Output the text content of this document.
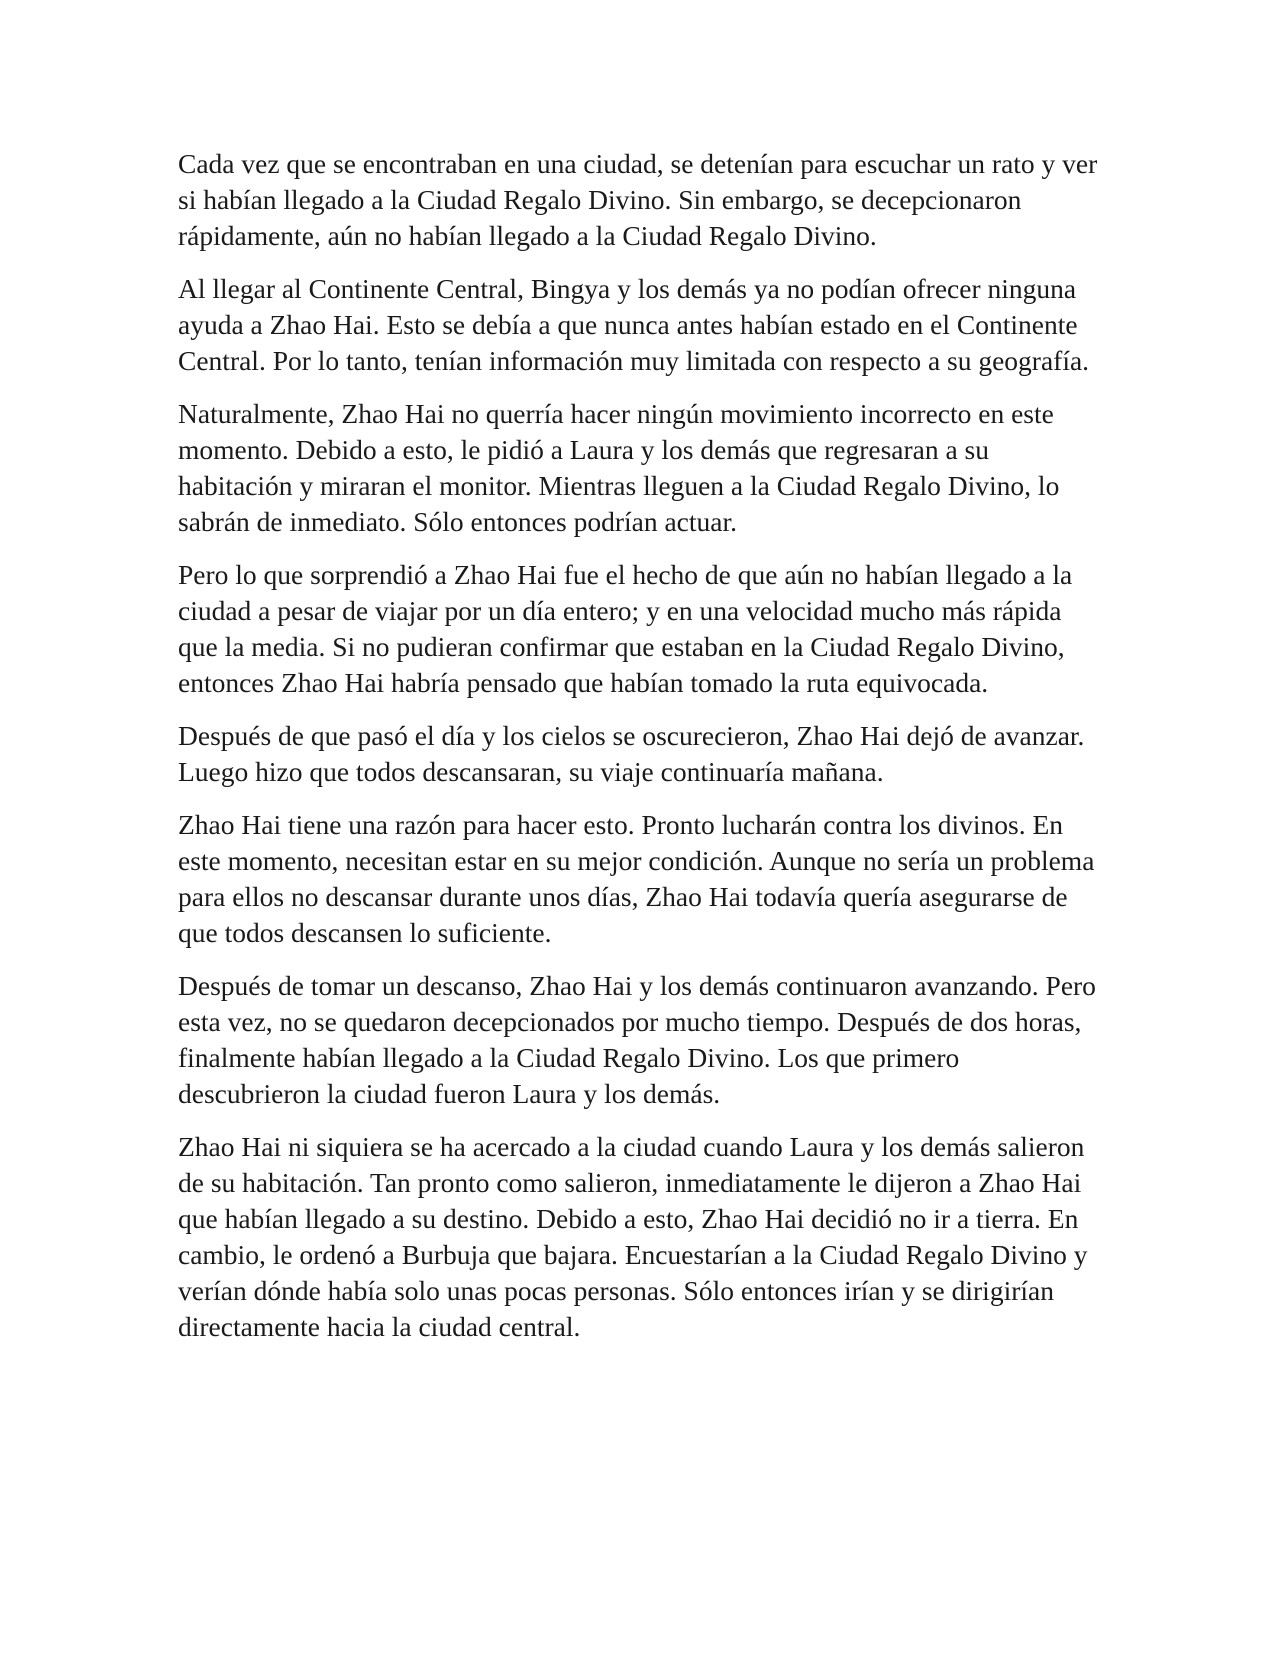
Cada vez que se encontraban en una ciudad, se detenían para escuchar un rato y ver si habían llegado a la Ciudad Regalo Divino. Sin embargo, se decepcionaron rápidamente, aún no habían llegado a la Ciudad Regalo Divino.

Al llegar al Continente Central, Bingya y los demás ya no podían ofrecer ninguna ayuda a Zhao Hai. Esto se debía a que nunca antes habían estado en el Continente Central. Por lo tanto, tenían información muy limitada con respecto a su geografía.

Naturalmente, Zhao Hai no querría hacer ningún movimiento incorrecto en este momento. Debido a esto, le pidió a Laura y los demás que regresaran a su habitación y miraran el monitor. Mientras lleguen a la Ciudad Regalo Divino, lo sabrán de inmediato. Sólo entonces podrían actuar.

Pero lo que sorprendió a Zhao Hai fue el hecho de que aún no habían llegado a la ciudad a pesar de viajar por un día entero; y en una velocidad mucho más rápida que la media. Si no pudieran confirmar que estaban en la Ciudad Regalo Divino, entonces Zhao Hai habría pensado que habían tomado la ruta equivocada.

Después de que pasó el día y los cielos se oscurecieron, Zhao Hai dejó de avanzar. Luego hizo que todos descansaran, su viaje continuaría mañana.

Zhao Hai tiene una razón para hacer esto. Pronto lucharán contra los divinos. En este momento, necesitan estar en su mejor condición. Aunque no sería un problema para ellos no descansar durante unos días, Zhao Hai todavía quería asegurarse de que todos descansen lo suficiente.

Después de tomar un descanso, Zhao Hai y los demás continuaron avanzando. Pero esta vez, no se quedaron decepcionados por mucho tiempo. Después de dos horas, finalmente habían llegado a la Ciudad Regalo Divino. Los que primero descubrieron la ciudad fueron Laura y los demás.

Zhao Hai ni siquiera se ha acercado a la ciudad cuando Laura y los demás salieron de su habitación. Tan pronto como salieron, inmediatamente le dijeron a Zhao Hai que habían llegado a su destino. Debido a esto, Zhao Hai decidió no ir a tierra. En cambio, le ordenó a Burbuja que bajara. Encuestarían a la Ciudad Regalo Divino y verían dónde había solo unas pocas personas. Sólo entonces irían y se dirigirían directamente hacia la ciudad central.
